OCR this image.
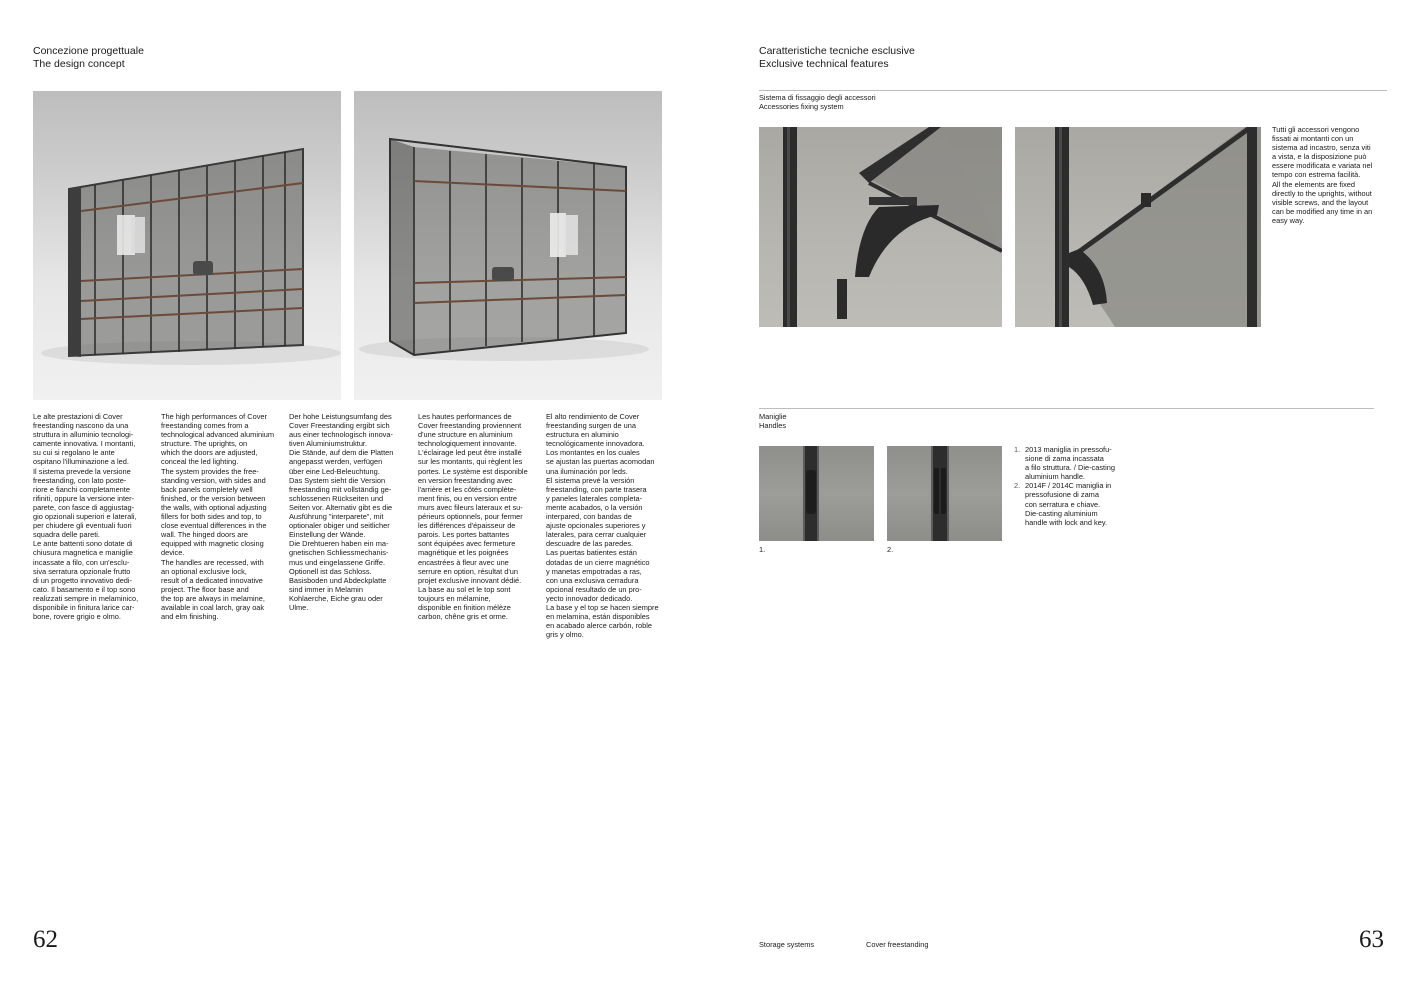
Concezione progettuale
The design concept
Le alte prestazioni di Cover
freestanding nascono da una
struttura in alluminio tecnologi-
camente innovativa. I montanti,
su cui si regolano le ante
ospitano l'illuminazione a led.
Il sistema prevede la versione
freestanding, con lato poste-
riore e fianchi completamente
rifiniti, oppure la versione inter-
parete, con fasce di aggiustag-
gio opzionali superiori e laterali,
per chiudere gli eventuali fuori
squadra delle pareti.
Le ante battenti sono dotate di
chiusura magnetica e maniglie
incassate a filo, con un'esclu-
siva serratura opzionale frutto
di un progetto innovativo dedi-
cato. Il basamento e il top sono
realizzati sempre in melaminico,
disponibile in finitura larice car-
bone, rovere grigio e olmo.
The high performances of Cover
freestanding comes from a
technological advanced aluminium
structure. The uprights, on
which the doors are adjusted,
conceal the led lighting.
The system provides the free-
standing version, with sides and
back panels completely well
finished, or the version between
the walls, with optional adjusting
fillers for both sides and top, to
close eventual differences in the
wall. The hinged doors are
equipped with magnetic closing
device.
The handles are recessed, with
an optional exclusive lock,
result of a dedicated innovative
project. The floor base and
the top are always in melamine,
available in coal larch, gray oak
and elm finishing.
Der hohe Leistungsumfang des
Cover Freestanding ergibt sich
aus einer technologisch innova-
tiven Aluminiumstruktur.
Die Stände, auf dem die Platten
angepasst werden, verfügen
über eine Led-Beleuchtung.
Das System sieht die Version
freestanding mit vollständig ge-
schlossenen Rückseiten und
Seiten vor. Alternativ gibt es die
Ausführung "interparete", mit
optionaler obiger und seitlicher
Einstellung der Wände.
Die Drehtueren haben ein ma-
gnetischen Schliessmechanis-
mus und eingelassene Griffe.
Optionell ist das Schloss.
Basisboden und Abdeckplatte
sind immer in Melamin
Kohlaerche, Eiche grau oder
Ulme.
Les hautes performances de
Cover freestanding proviennent
d'une structure en aluminium
technologiquement innovante.
L'éclairage led peut être installé
sur les montants, qui règlent les
portes. Le système est disponible
en version freestanding avec
l'arrière et les côtés complète-
ment finis, ou en version entre
murs avec fileurs lateraux et su-
périeurs optionnels, pour fermer
les différences d'épaisseur de
parois. Les portes battantes
sont équipées avec fermeture
magnétique et les poignées
encastrées à fleur avec une
serrure en option, résultat d'un
projet exclusive innovant dédié.
La base au sol et le top sont
toujours en mélamine,
disponible en finition mélèze
carbon, chêne gris et orme.
El alto rendimiento de Cover
freestanding surgen de una
estructura en aluminio
tecnológicamente innovadora.
Los montantes en los cuales
se ajustan las puertas acomodan
una iluminación por leds.
El sistema prevé la versión
freestanding, con parte trasera
y paneles laterales completa-
mente acabados, o la versión
interpared, con bandas de
ajuste opcionales superiores y
laterales, para cerrar cualquier
descuadre de las paredes.
Las puertas batientes están
dotadas de un cierre magnético
y manetas empotradas a ras,
con una exclusiva cerradura
opcional resultado de un pro-
yecto innovador dedicado.
La base y el top se hacen siempre
en melamina, están disponibles
en acabado alerce carbón, roble
gris y olmo.
62
Caratteristiche tecniche esclusive
Exclusive technical features
Sistema di fissaggio degli accessori
Accessories fixing system
Tutti gli accessori vengono
fissati ai montanti con un
sistema ad incastro, senza viti
a vista, e la disposizione può
essere modificata e variata nel
tempo con estrema facilità.
All the elements are fixed
directly to the uprights, without
visible screws, and the layout
can be modified any time in an
easy way.
Maniglie
Handles
1.	2.
1. 2013 maniglia in pressofu-
sione di zama incassata
a filo struttura. / Die-casting
aluminium handle.
2. 2014F / 2014C maniglia in
pressofusione di zama
con serratura e chiave.
Die-casting aluminium
handle with lock and key.
Storage systems	Cover freestanding	63
